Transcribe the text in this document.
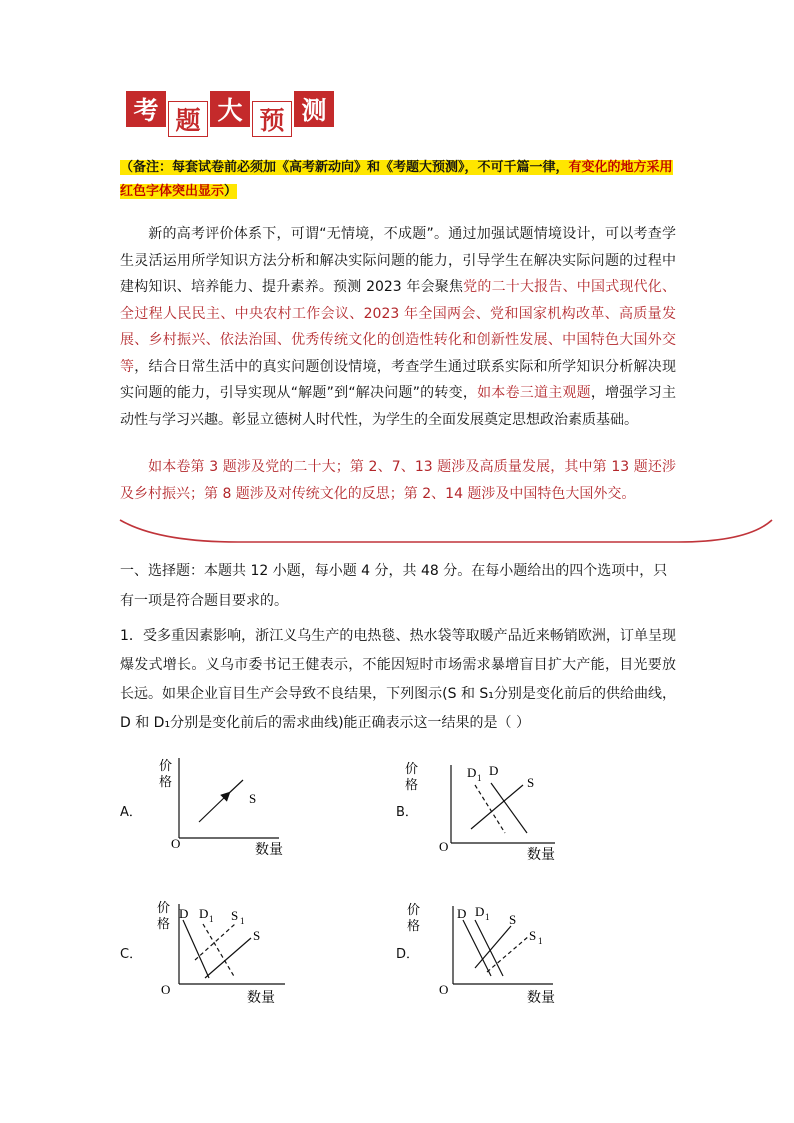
考 题 大 预 测
（备注：每套试卷前必须加《高考新动向》和《考题大预测》，不可千篇一律，有变化的地方采用红色字体突出显示）
新的高考评价体系下，可谓“无情境，不成题”。通过加强试题情境设计，可以考查学生灵活运用所学知识方法分析和解决实际问题的能力，引导学生在解决实际问题的过程中建构知识、培养能力、提升素养。预测 2023 年会聚焦党的二十大报告、中国式现代化、全过程人民民主、中央农村工作会议、2023 年全国两会、党和国家机构改革、高质量发展、乡村振兴、依法治国、优秀传统文化的创造性转化和创新性发展、中国特色大国外交等，结合日常生活中的真实问题创设情境，考查学生通过联系实际和所学知识分析解决现实问题的能力，引导实现从“解题”到“解决问题”的转变，如本卷三道主观题，增强学习主动性与学习兴趣。彰显立德树人时代性，为学生的全面发展奠定思想政治素质基础。
如本卷第 3 题涉及党的二十大；第 2、7、13 题涉及高质量发展，其中第 13 题还涉及乡村振兴；第 8 题涉及对传统文化的反思；第 2、14 题涉及中国特色大国外交。
一、选择题：本题共 12 小题，每小题 4 分，共 48 分。在每小题给出的四个选项中，只有一项是符合题目要求的。
1．受多重因素影响，浙江义乌生产的电热毯、热水袋等取暖产品近来畅销欧洲，订单呈现爆发式增长。义乌市委书记王健表示，不能因短时市场需求暴增盲目扩大产能，目光要放长远。如果企业盲目生产会导致不良结果，下列图示(S 和 S₁分别是变化前后的供给曲线，D 和 D₁分别是变化前后的需求曲线)能正确表示这一结果的是（ ）
A．	B．
C．	D．
价
格
O	数量
S
价
格
O
数量
D 1 D
S
价
格
O
数量
D D 1 S 1
S
价
格
O
数量
D D 1 S
S 1
